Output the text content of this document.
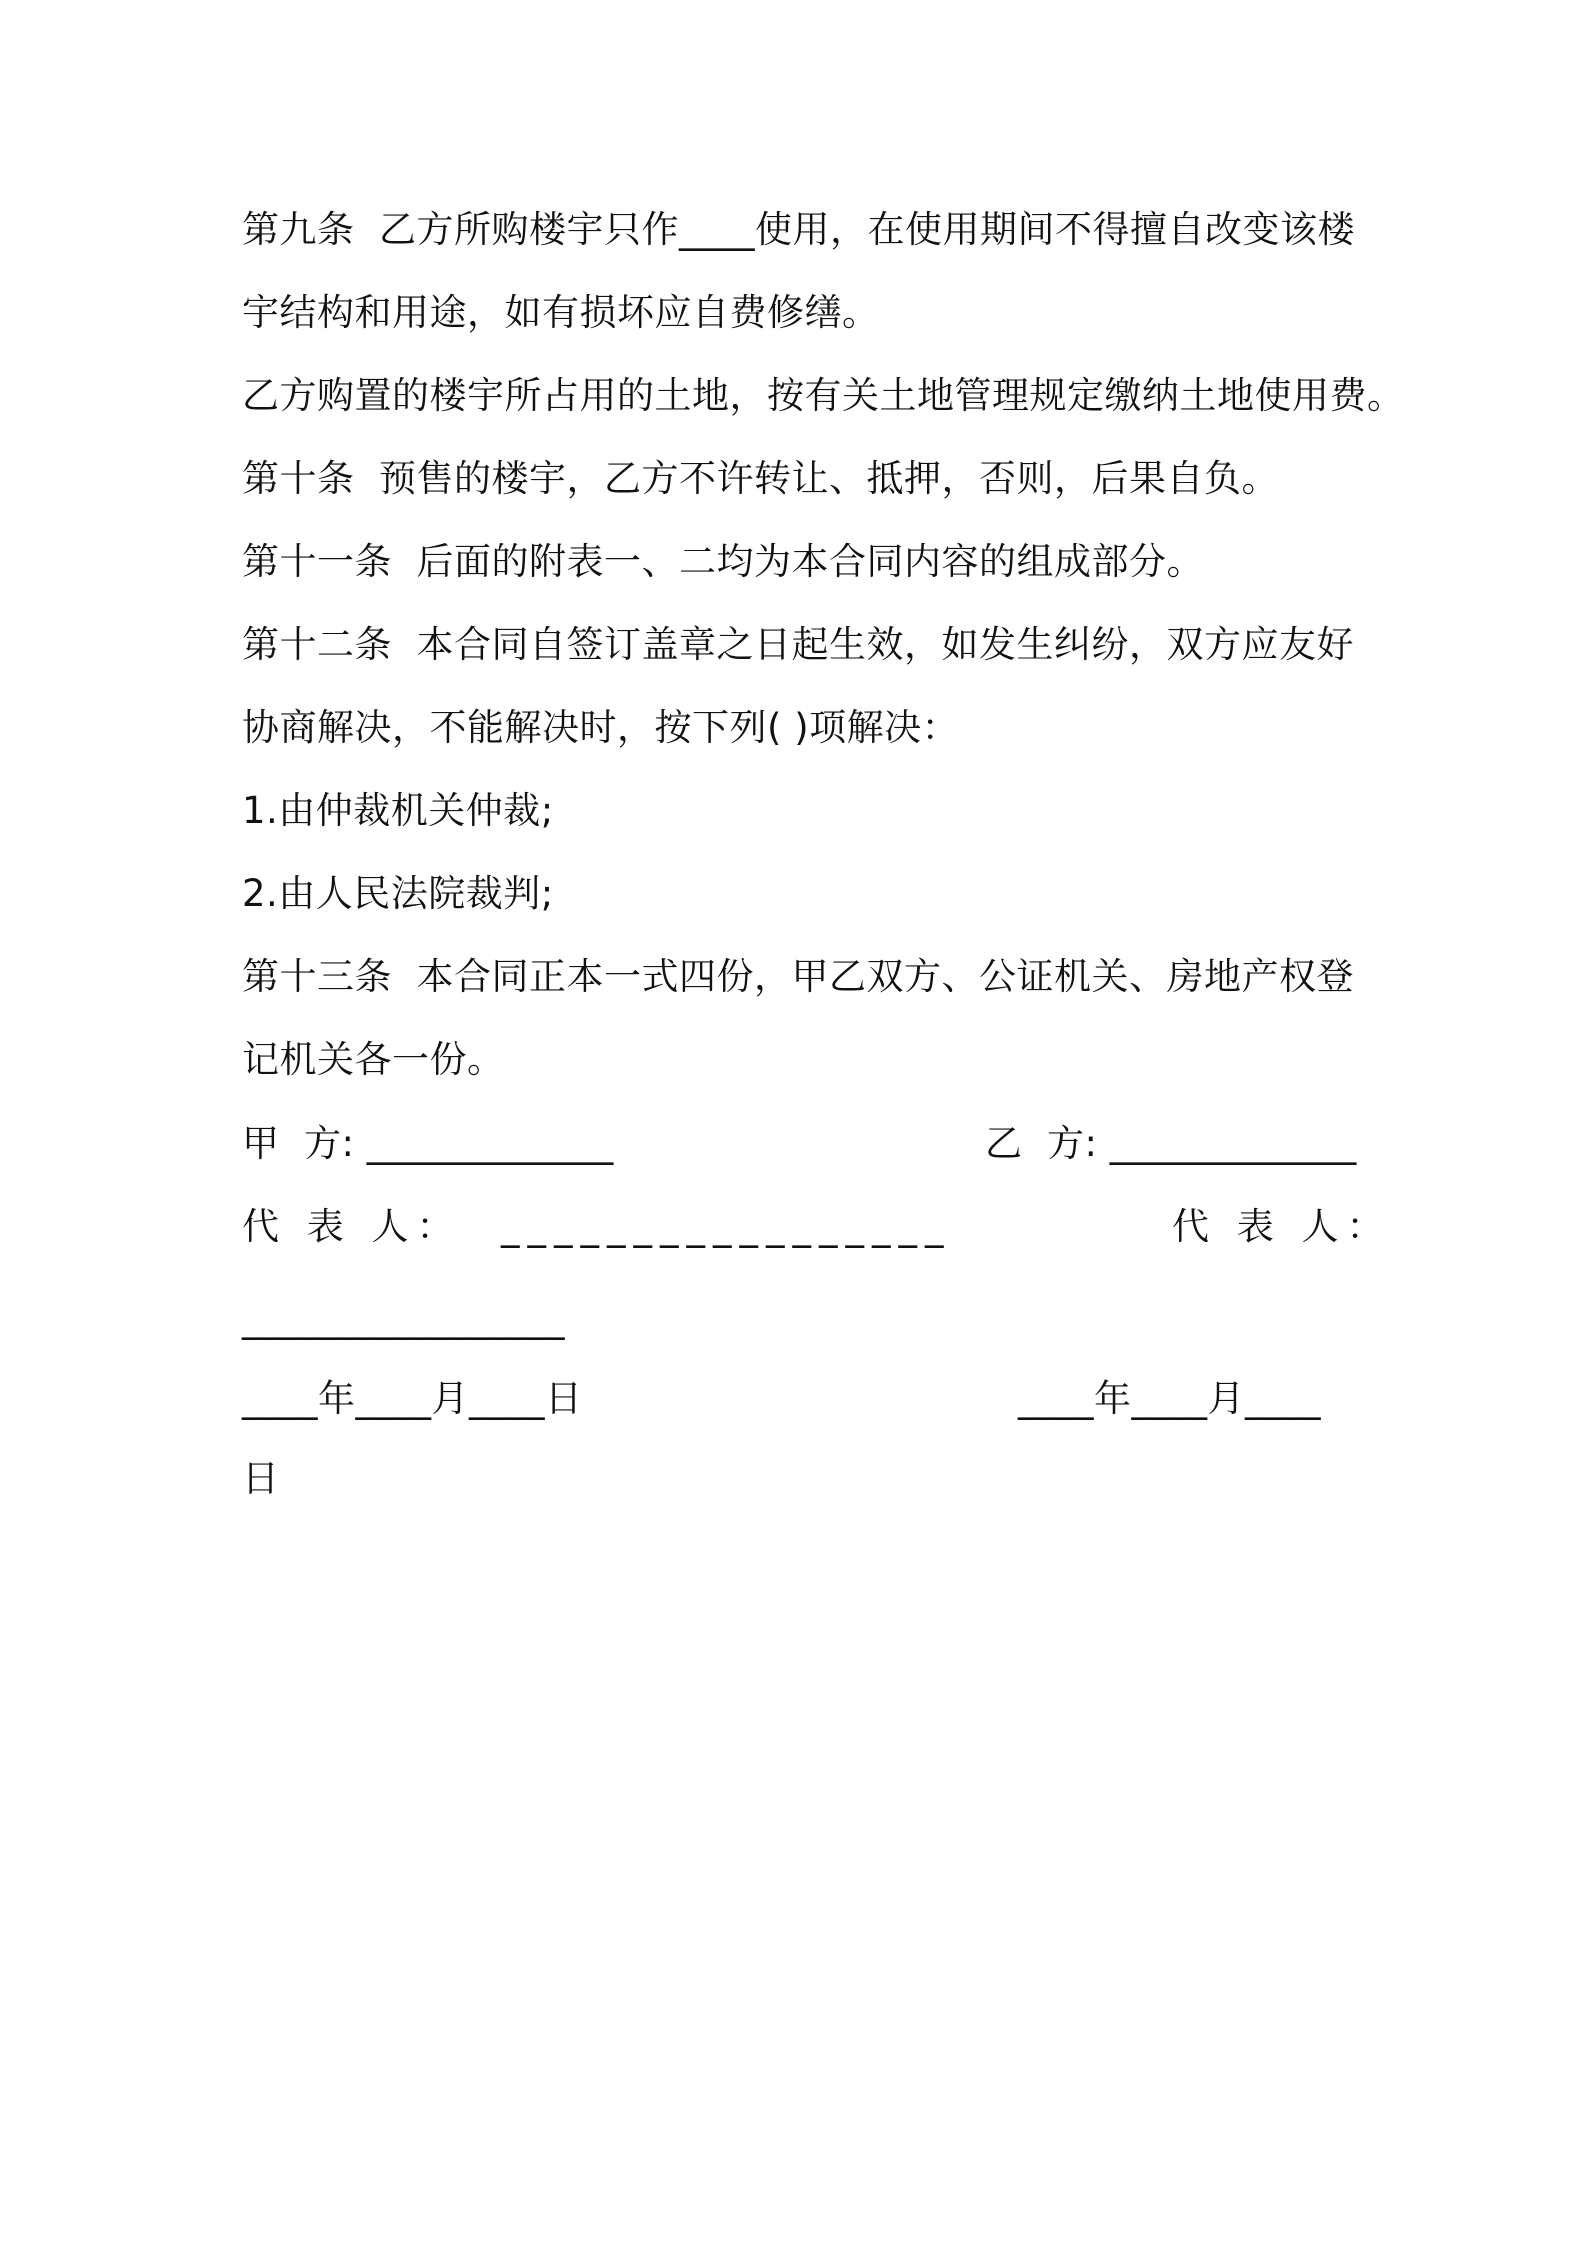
第九条  乙方所购楼宇只作____使用，在使用期间不得擅自改变该楼
宇结构和用途，如有损坏应自费修缮。
乙方购置的楼宇所占用的土地，按有关土地管理规定缴纳土地使用费。
第十条  预售的楼宇，乙方不许转让、抵押，否则，后果自负。
第十一条  后面的附表一、二均为本合同内容的组成部分。
第十二条  本合同自签订盖章之日起生效，如发生纠纷，双方应友好
协商解决，不能解决时，按下列( )项解决：
1.由仲裁机关仲裁;
2.由人民法院裁判;
第十三条  本合同正本一式四份，甲乙双方、公证机关、房地产权登
记机关各一份。
甲  方: _____________	乙  方: _____________
代 表 人：  _________________	代 表 人：
_________________
____年____月____日	____年____月____
日
